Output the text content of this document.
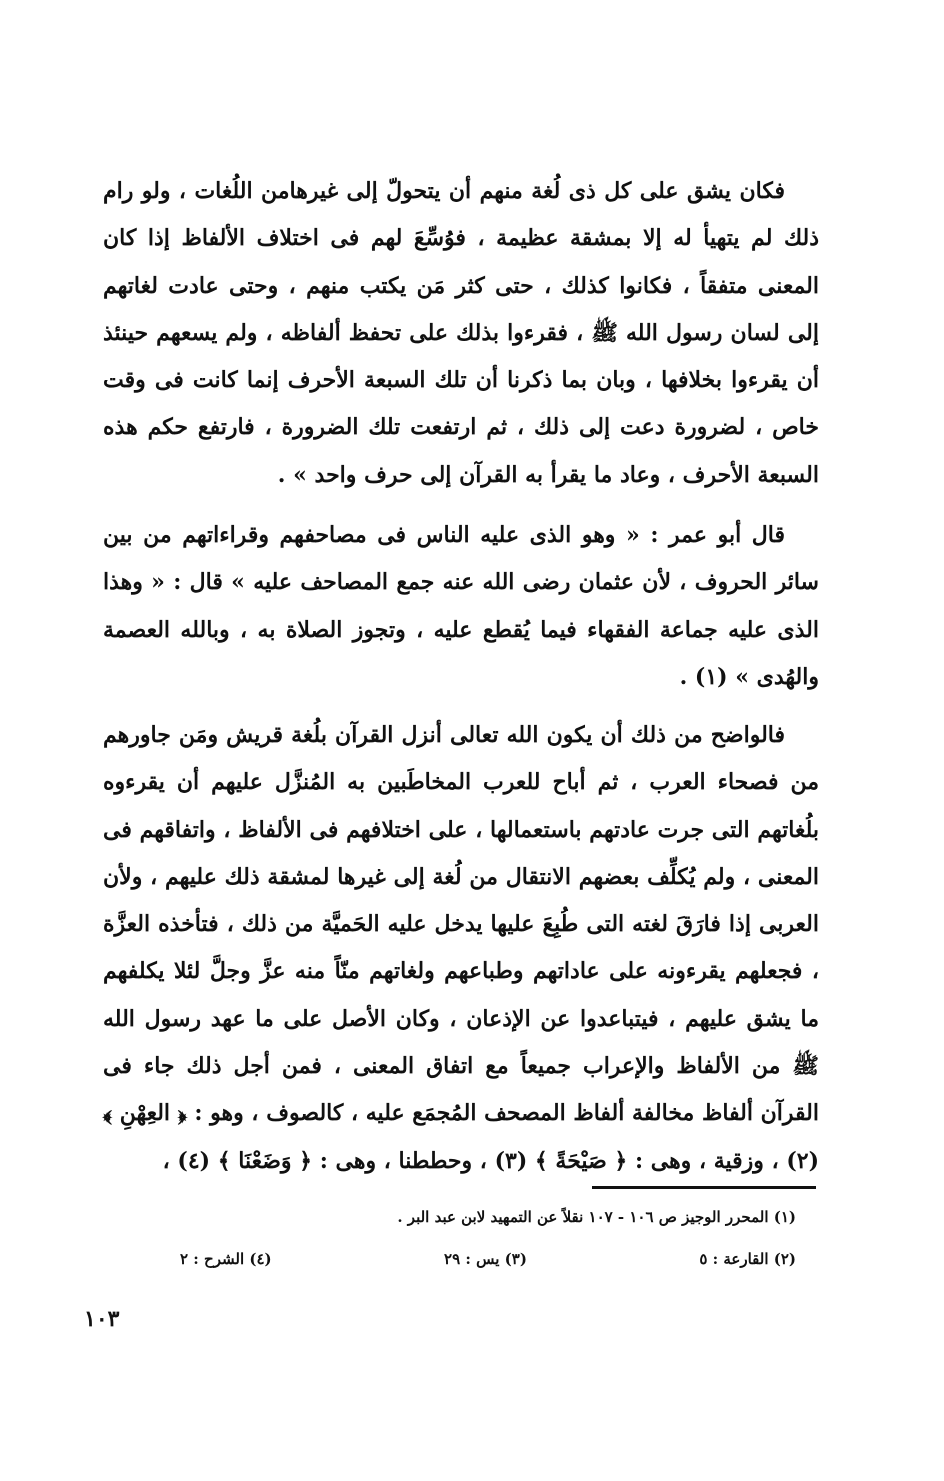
فكان يشق على كل ذى لُغة منهم أن يتحولّ إلى غيرهامن اللُغات ، ولو رام ذلك لم يتهيأ له إلا بمشقة عظيمة ، فوُسِّعَ لهم فى اختلاف الألفاظ إذا كان المعنى متفقاً ، فكانوا كذلك ، حتى كثر مَن يكتب منهم ، وحتى عادت لغاتهم إلى لسان رسول الله ﷺ ، فقرءوا بذلك على تحفظ ألفاظه ، ولم يسعهم حينئذ أن يقرءوا بخلافها ، وبان بما ذكرنا أن تلك السبعة الأحرف إنما كانت فى وقت خاص ، لضرورة دعت إلى ذلك ، ثم ارتفعت تلك الضرورة ، فارتفع حكم هذه السبعة الأحرف ، وعاد ما يقرأ به القرآن إلى حرف واحد » .

قال أبو عمر : « وهو الذى عليه الناس فى مصاحفهم وقراءاتهم من بين سائر الحروف ، لأن عثمان رضى الله عنه جمع المصاحف عليه » قال : « وهذا الذى عليه جماعة الفقهاء فيما يُقطع عليه ، وتجوز الصلاة به ، وبالله العصمة والهُدى » (١) .

فالواضح من ذلك أن يكون الله تعالى أنزل القرآن بلُغة قريش ومَن جاورهم من فصحاء العرب ، ثم أباح للعرب المخاطَبين به المُنزَّل عليهم أن يقرءوه بلُغاتهم التى جرت عادتهم باستعمالها ، على اختلافهم فى الألفاظ ، واتفاقهم فى المعنى ، ولم يُكلِّف بعضهم الانتقال من لُغة إلى غيرها لمشقة ذلك عليهم ، ولأن العربى إذا فارَقَ لغته التى طُبِعَ عليها يدخل عليه الحَميَّة من ذلك ، فتأخذه العزَّة ، فجعلهم يقرءونه على عاداتهم وطباعهم ولغاتهم منّاً منه عزَّ وجلَّ لئلا يكلفهم ما يشق عليهم ، فيتباعدوا عن الإذعان ، وكان الأصل على ما عهد رسول الله ﷺ من الألفاظ والإعراب جميعاً مع اتفاق المعنى ، فمن أجل ذلك جاء فى القرآن ألفاظ مخالفة ألفاظ المصحف المُجمَع عليه ، كالصوف ، وهو : ﴿ العِهْنِ ﴾ (٢) ، وزقية ، وهى : ﴿ صَيْحَةً ﴾ (٣) ، وحططنا ، وهى : ﴿ وَضَعْنَا ﴾ (٤) ،

(١) المحرر الوجيز ص ١٠٦ - ١٠٧ نقلاً عن التمهيد لابن عبد البر .
(٢) القارعة : ٥
(٣) يس : ٢٩
(٤) الشرح : ٢
١٠٣
